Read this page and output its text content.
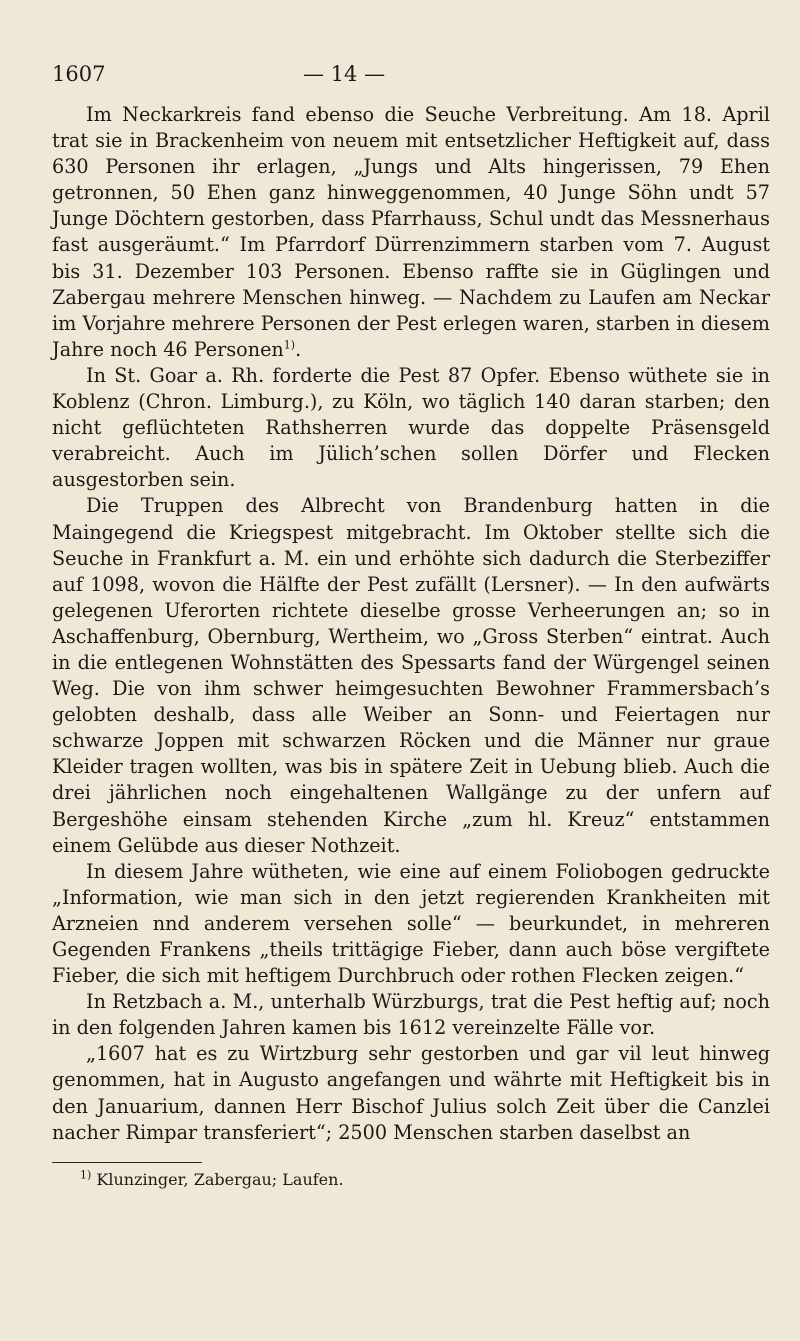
1607	— 14 —

Im Neckarkreis fand ebenso die Seuche Verbreitung. Am 18. April trat sie in Brackenheim von neuem mit entsetzlicher Heftigkeit auf, dass 630 Personen ihr erlagen, „Jungs und Alts hingerissen, 79 Ehen getronnen, 50 Ehen ganz hinweggenommen, 40 Junge Söhn undt 57 Junge Döchtern gestorben, dass Pfarrhauss, Schul undt das Messnerhaus fast ausgeräumt.“ Im Pfarrdorf Dürrenzimmern starben vom 7. August bis 31. Dezember 103 Personen. Ebenso raffte sie in Güglingen und Zabergau mehrere Menschen hinweg. — Nachdem zu Laufen am Neckar im Vorjahre mehrere Personen der Pest erlegen waren, starben in diesem Jahre noch 46 Personen$^{1)}$.

In St. Goar a. Rh. forderte die Pest 87 Opfer. Ebenso wüthete sie in Koblenz (Chron. Limburg.), zu Köln, wo täglich 140 daran starben; den nicht geflüchteten Rathsherren wurde das doppelte Präsensgeld verabreicht. Auch im Jülich’schen sollen Dörfer und Flecken ausgestorben sein.

Die Truppen des Albrecht von Brandenburg hatten in die Maingegend die Kriegspest mitgebracht. Im Oktober stellte sich die Seuche in Frankfurt a. M. ein und erhöhte sich dadurch die Sterbeziffer auf 1098, wovon die Hälfte der Pest zufällt (Lersner). — In den aufwärts gelegenen Uferorten richtete dieselbe grosse Verheerungen an; so in Aschaffenburg, Obernburg, Wertheim, wo „Gross Sterben“ eintrat. Auch in die entlegenen Wohnstätten des Spessarts fand der Würgengel seinen Weg. Die von ihm schwer heimgesuchten Bewohner Frammersbach’s gelobten deshalb, dass alle Weiber an Sonn- und Feiertagen nur schwarze Joppen mit schwarzen Röcken und die Männer nur graue Kleider tragen wollten, was bis in spätere Zeit in Uebung blieb. Auch die drei jährlichen noch eingehaltenen Wallgänge zu der unfern auf Bergeshöhe einsam stehenden Kirche „zum hl. Kreuz“ entstammen einem Gelübde aus dieser Nothzeit.

In diesem Jahre wütheten, wie eine auf einem Foliobogen gedruckte „Information, wie man sich in den jetzt regierenden Krankheiten mit Arzneien nnd anderem versehen solle“ — beurkundet, in mehreren Gegenden Frankens „theils trittägige Fieber, dann auch böse vergiftete Fieber, die sich mit heftigem Durchbruch oder rothen Flecken zeigen.“

In Retzbach a. M., unterhalb Würzburgs, trat die Pest heftig auf; noch in den folgenden Jahren kamen bis 1612 vereinzelte Fälle vor.

„1607 hat es zu Wirtzburg sehr gestorben und gar vil leut hinweg genommen, hat in Augusto angefangen und währte mit Heftigkeit bis in den Januarium, dannen Herr Bischof Julius solch Zeit über die Canzlei nacher Rimpar transferiert“; 2500 Menschen starben daselbst an

$^{1)}$ Klunzinger, Zabergau; Laufen.
